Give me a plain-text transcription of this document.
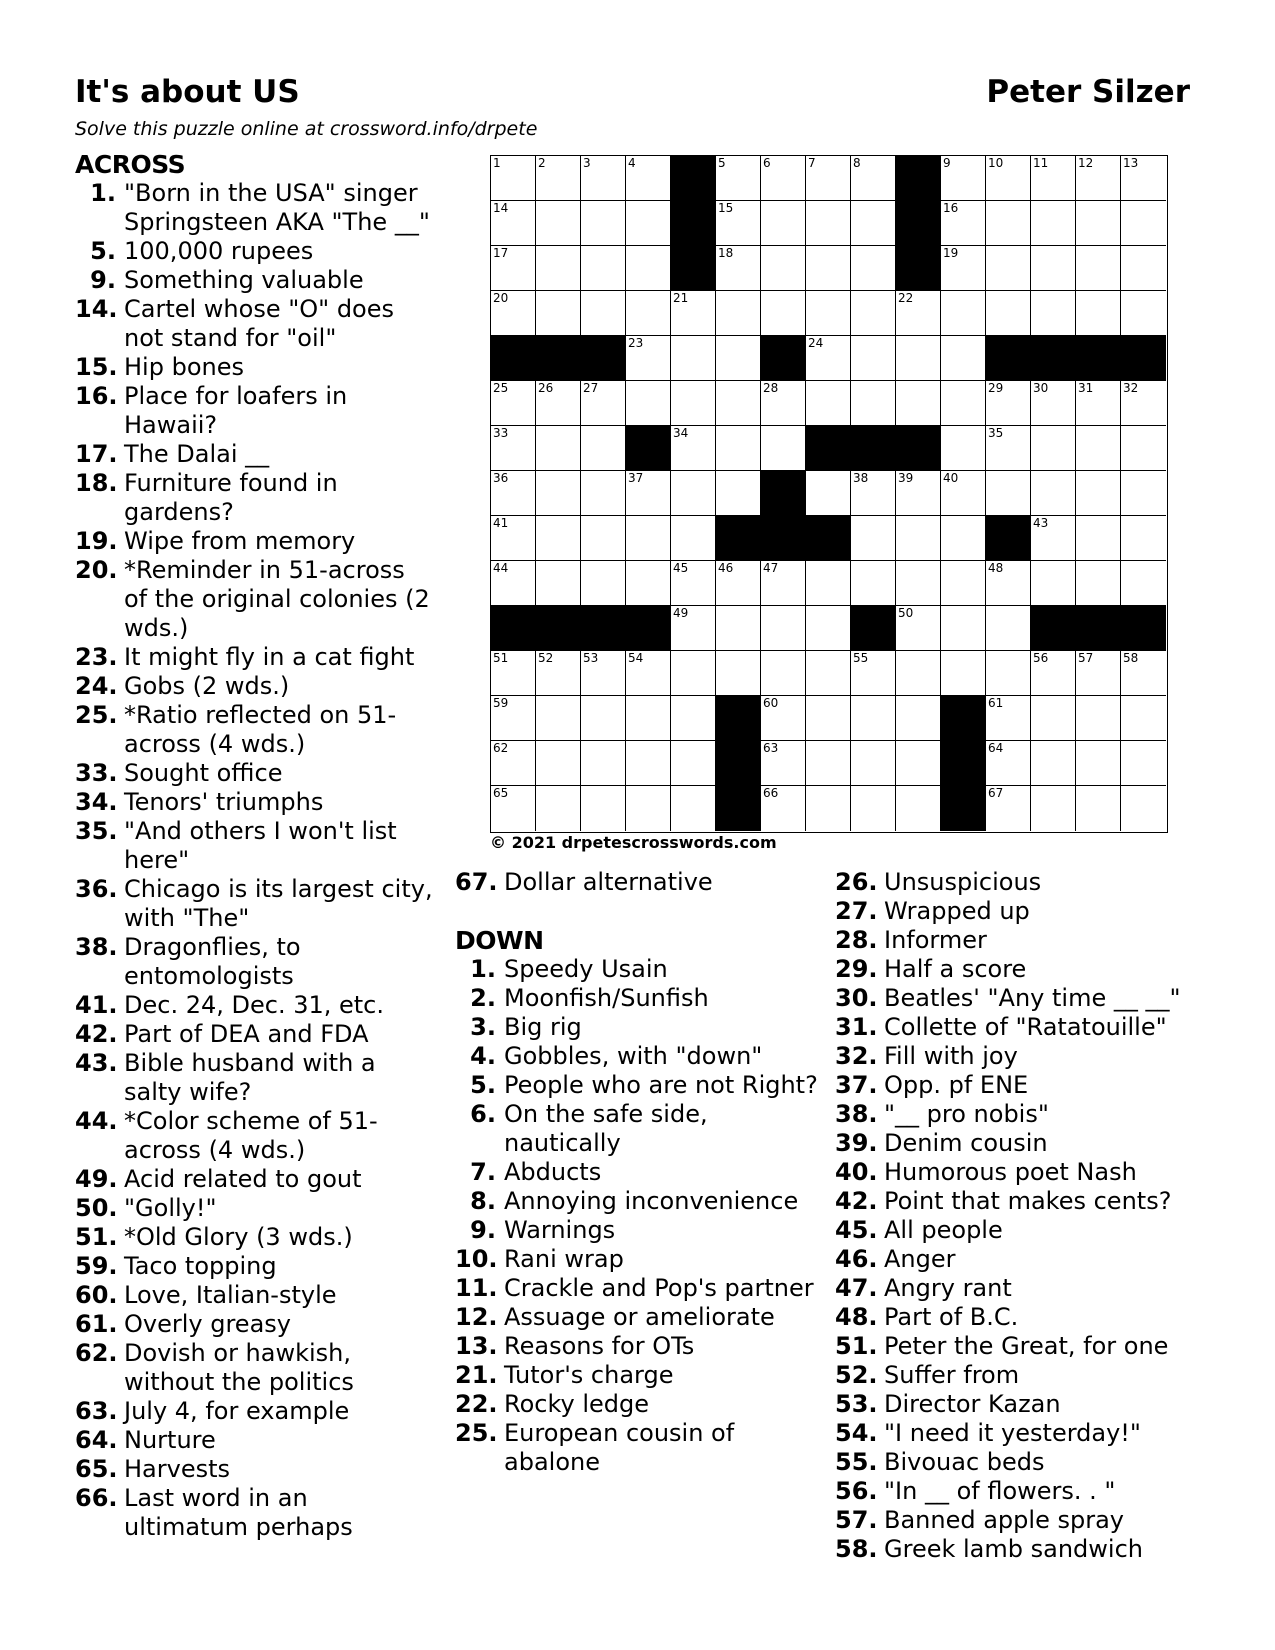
It's about US	Peter Silzer
Solve this puzzle online at crossword.info/drpete
1	2	3	4	5	6	7	8	9	10 11 12 13
14	15	16
17	18	19
20	21	22
23	24
25 26 27	28	29 30 31 32
33	34	35
36	37	38 39 40
41	43
44	45 46 47	48
49	50
51 52 53 54	55	56 57 58
59	60	61
62	63	64
65	66	67
© 2021 drpetescrosswords.com
ACROSS
1. "Born in the USA" singer Springsteen AKA "The __"
5. 100,000 rupees
9. Something valuable
14. Cartel whose "O" does not stand for "oil"
15. Hip bones
16. Place for loafers in Hawaii?
17. The Dalai __
18. Furniture found in gardens?
19. Wipe from memory
20. *Reminder in 51-across of the original colonies (2 wds.)
23. It might fly in a cat fight
24. Gobs (2 wds.)
25. *Ratio reflected on 51-across (4 wds.)
33. Sought office
34. Tenors' triumphs
35. "And others I won't list here"
36. Chicago is its largest city, with "The"
38. Dragonflies, to entomologists
41. Dec. 24, Dec. 31, etc.
42. Part of DEA and FDA
43. Bible husband with a salty wife?
44. *Color scheme of 51-across (4 wds.)
49. Acid related to gout
50. "Golly!"
51. *Old Glory (3 wds.)
59. Taco topping
60. Love, Italian-style
61. Overly greasy
62. Dovish or hawkish, without the politics
63. July 4, for example
64. Nurture
65. Harvests
66. Last word in an ultimatum perhaps
67. Dollar alternative
DOWN
1. Speedy Usain
2. Moonfish/Sunfish
3. Big rig
4. Gobbles, with "down"
5. People who are not Right?
6. On the safe side, nautically
7. Abducts
8. Annoying inconvenience
9. Warnings
10. Rani wrap
11. Crackle and Pop's partner
12. Assuage or ameliorate
13. Reasons for OTs
21. Tutor's charge
22. Rocky ledge
25. European cousin of abalone
26. Unsuspicious
27. Wrapped up
28. Informer
29. Half a score
30. Beatles' "Any time __ __"
31. Collette of "Ratatouille"
32. Fill with joy
37. Opp. pf ENE
38. "__ pro nobis"
39. Denim cousin
40. Humorous poet Nash
42. Point that makes cents?
45. All people
46. Anger
47. Angry rant
48. Part of B.C.
51. Peter the Great, for one
52. Suffer from
53. Director Kazan
54. "I need it yesterday!"
55. Bivouac beds
56. "In __ of flowers. . "
57. Banned apple spray
58. Greek lamb sandwich
